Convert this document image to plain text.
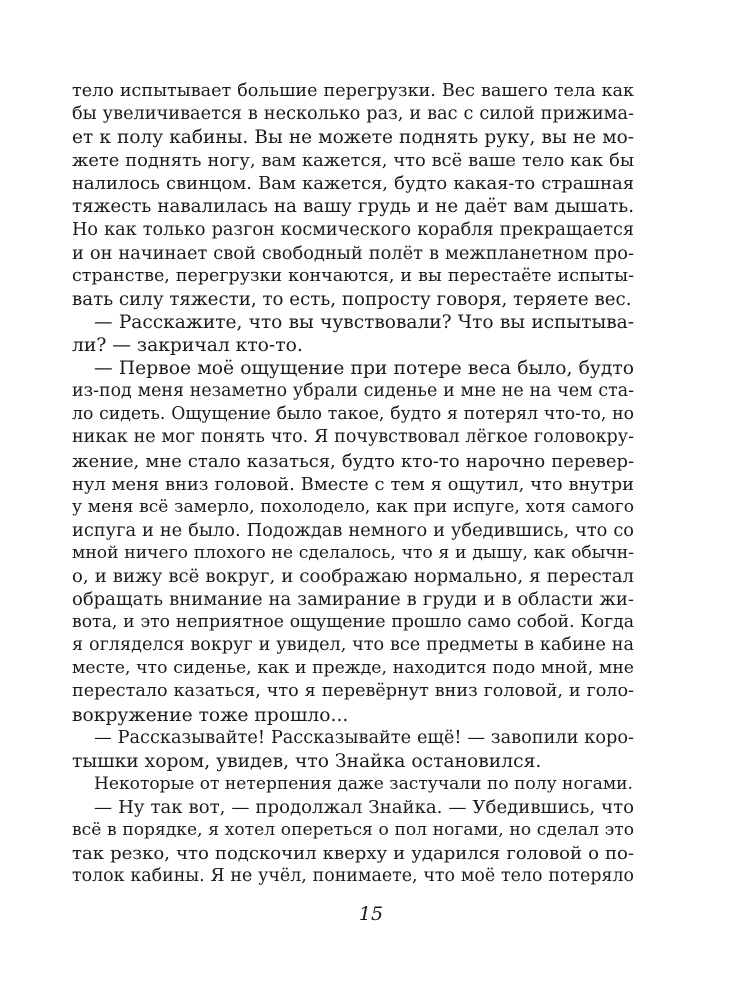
тело испытывает большие перегрузки. Вес вашего тела как
бы увеличивается в несколько раз, и вас с силой прижима-
ет к полу кабины. Вы не можете поднять руку, вы не мо-
жете поднять ногу, вам кажется, что всё ваше тело как бы
налилось свинцом. Вам кажется, будто какая-то страшная
тяжесть навалилась на вашу грудь и не даёт вам дышать.
Но как только разгон космического корабля прекращается
и он начинает свой свободный полёт в межпланетном про-
странстве, перегрузки кончаются, и вы перестаёте испыты-
вать силу тяжести, то есть, попросту говоря, теряете вес.
— Расскажите, что вы чувствовали? Что вы испытыва-
ли? — закричал кто-то.
— Первое моё ощущение при потере веса было, будто
из-под меня незаметно убрали сиденье и мне не на чем ста-
ло сидеть. Ощущение было такое, будто я потерял что-то, но
никак не мог понять что. Я почувствовал лёгкое головокру-
жение, мне стало казаться, будто кто-то нарочно перевер-
нул меня вниз головой. Вместе с тем я ощутил, что внутри
у меня всё замерло, похолодело, как при испуге, хотя самого
испуга и не было. Подождав немного и убедившись, что со
мной ничего плохого не сделалось, что я и дышу, как обычн-
о, и вижу всё вокруг, и соображаю нормально, я перестал
обращать внимание на замирание в груди и в области жи-
вота, и это неприятное ощущение прошло само собой. Когда
я огляделся вокруг и увидел, что все предметы в кабине на
месте, что сиденье, как и прежде, находится подо мной, мне
перестало казаться, что я перевёрнут вниз головой, и голо-
вокружение тоже прошло...
— Рассказывайте! Рассказывайте ещё! — завопили коро-
тышки хором, увидев, что Знайка остановился.
Некоторые от нетерпения даже застучали по полу ногами.
— Ну так вот, — продолжал Знайка. — Убедившись, что
всё в порядке, я хотел опереться о пол ногами, но сделал это
так резко, что подскочил кверху и ударился головой о по-
толок кабины. Я не учёл, понимаете, что моё тело потеряло
15
